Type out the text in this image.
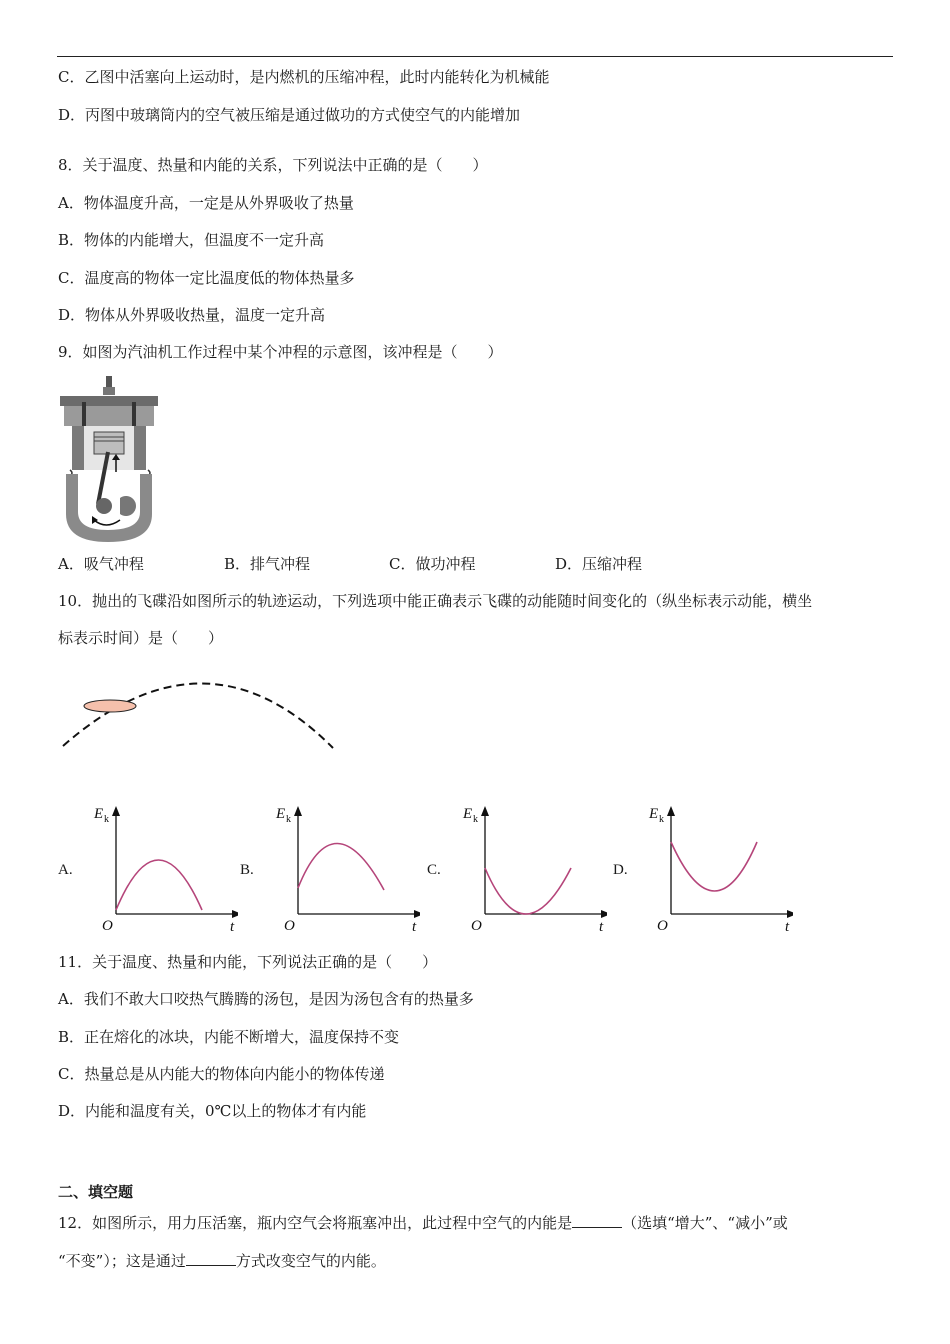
C．乙图中活塞向上运动时，是内燃机的压缩冲程，此时内能转化为机械能
D．丙图中玻璃筒内的空气被压缩是通过做功的方式使空气的内能增加
8．关于温度、热量和内能的关系，下列说法中正确的是（　　）
A．物体温度升高，一定是从外界吸收了热量
B．物体的内能增大，但温度不一定升高
C．温度高的物体一定比温度低的物体热量多
D．物体从外界吸收热量，温度一定升高
9．如图为汽油机工作过程中某个冲程的示意图，该冲程是（　　）
A．吸气冲程	B．排气冲程	C．做功冲程	D．压缩冲程
10．抛出的飞碟沿如图所示的轨迹运动，下列选项中能正确表示飞碟的动能随时间变化的（纵坐标表示动能，横坐
标表示时间）是（　　）
A.
E k
O	t
B.
E k
O	t
C.
E k
O	t
D.
E k
O	t
11．关于温度、热量和内能，下列说法正确的是（　　）
A．我们不敢大口咬热气腾腾的汤包，是因为汤包含有的热量多
B．正在熔化的冰块，内能不断增大，温度保持不变
C．热量总是从内能大的物体向内能小的物体传递
D．内能和温度有关，0℃以上的物体才有内能
二、填空题
12．如图所示，用力压活塞，瓶内空气会将瓶塞冲出，此过程中空气的内能是	（选填“增大”、“减小”或
“不变”）；这是通过	方式改变空气的内能。
